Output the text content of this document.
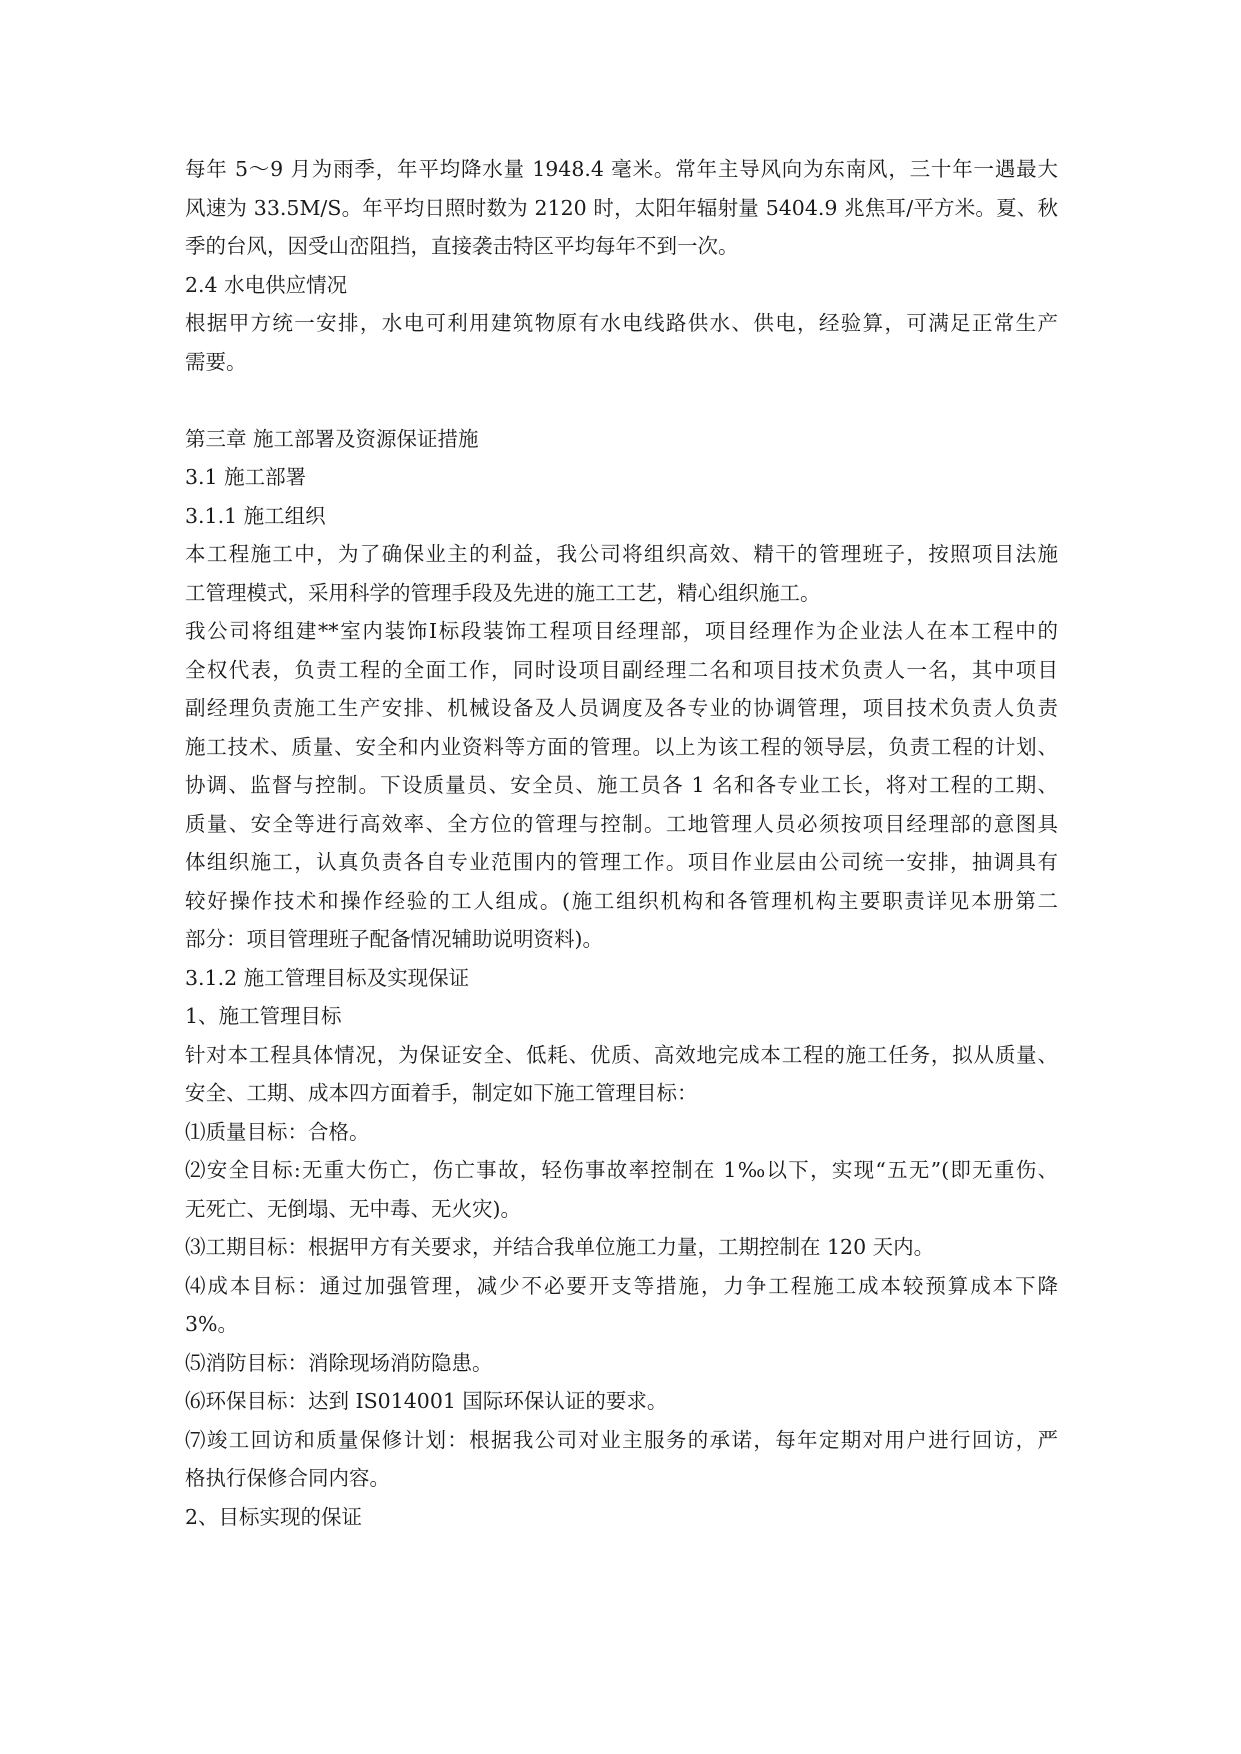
每年 5～9 月为雨季，年平均降水量 1948.4 毫米。常年主导风向为东南风，三十年一遇最大
风速为 33.5M/S。年平均日照时数为 2120 时，太阳年辐射量 5404.9 兆焦耳/平方米。夏、秋
季的台风，因受山峦阻挡，直接袭击特区平均每年不到一次。
2.4 水电供应情况
根据甲方统一安排，水电可利用建筑物原有水电线路供水、供电，经验算，可满足正常生产
需要。
第三章 施工部署及资源保证措施
3.1 施工部署
3.1.1 施工组织
本工程施工中，为了确保业主的利益，我公司将组织高效、精干的管理班子，按照项目法施
工管理模式，采用科学的管理手段及先进的施工工艺，精心组织施工。
我公司将组建**室内装饰Ⅰ标段装饰工程项目经理部，项目经理作为企业法人在本工程中的
全权代表，负责工程的全面工作，同时设项目副经理二名和项目技术负责人一名，其中项目
副经理负责施工生产安排、机械设备及人员调度及各专业的协调管理，项目技术负责人负责
施工技术、质量、安全和内业资料等方面的管理。以上为该工程的领导层，负责工程的计划、
协调、监督与控制。下设质量员、安全员、施工员各 1 名和各专业工长，将对工程的工期、
质量、安全等进行高效率、全方位的管理与控制。工地管理人员必须按项目经理部的意图具
体组织施工，认真负责各自专业范围内的管理工作。项目作业层由公司统一安排，抽调具有
较好操作技术和操作经验的工人组成。(施工组织机构和各管理机构主要职责详见本册第二
部分：项目管理班子配备情况辅助说明资料)。
3.1.2 施工管理目标及实现保证
1、施工管理目标
针对本工程具体情况，为保证安全、低耗、优质、高效地完成本工程的施工任务，拟从质量、
安全、工期、成本四方面着手，制定如下施工管理目标：
⑴质量目标：合格。
⑵安全目标:无重大伤亡，伤亡事故，轻伤事故率控制在 1‰以下，实现“五无”(即无重伤、
无死亡、无倒塌、无中毒、无火灾)。
⑶工期目标：根据甲方有关要求，并结合我单位施工力量，工期控制在 120 天内。
⑷成本目标：通过加强管理，减少不必要开支等措施，力争工程施工成本较预算成本下降
3%。
⑸消防目标：消除现场消防隐患。
⑹环保目标：达到 IS014001 国际环保认证的要求。
⑺竣工回访和质量保修计划：根据我公司对业主服务的承诺，每年定期对用户进行回访，严
格执行保修合同内容。
2、目标实现的保证
